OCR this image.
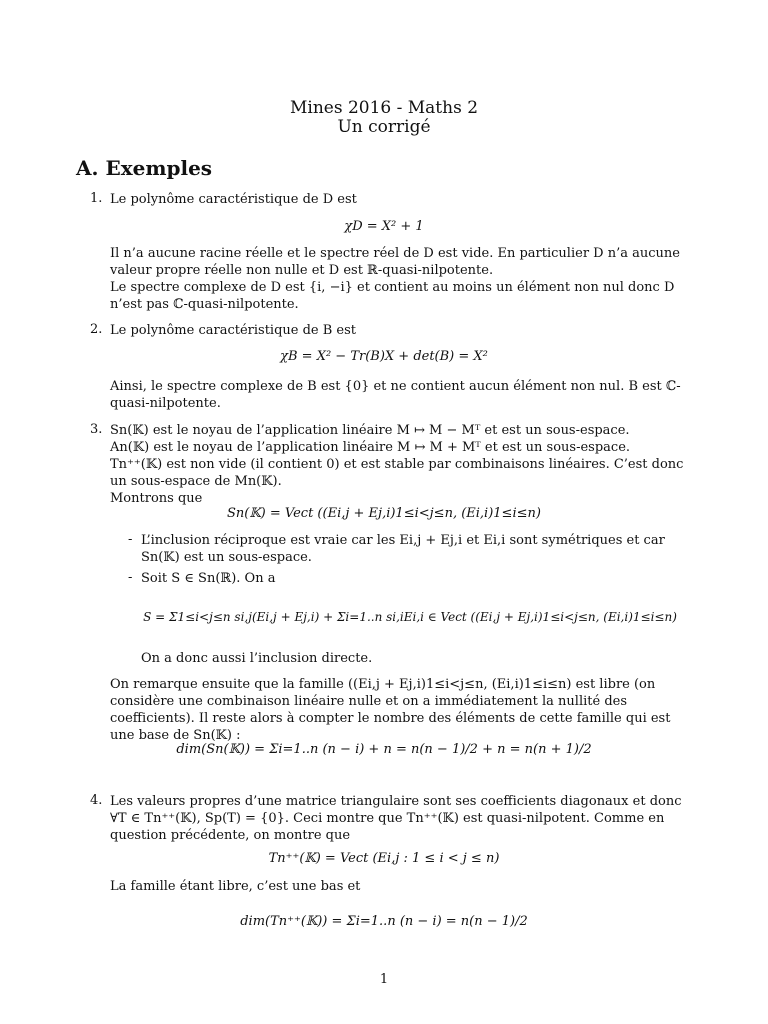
Mines 2016 - Maths 2
Un corrigé
A. Exemples
1. Le polynôme caractéristique de D est
χD = X² + 1
Il n’a aucune racine réelle et le spectre réel de D est vide. En particulier D n’a aucune valeur propre réelle non nulle et D est ℝ-quasi-nilpotente.
Le spectre complexe de D est {i, −i} et contient au moins un élément non nul donc D n’est pas ℂ-quasi-nilpotente.
2. Le polynôme caractéristique de B est
χB = X² − Tr(B)X + det(B) = X²
Ainsi, le spectre complexe de B est {0} et ne contient aucun élément non nul. B est ℂ-quasi-nilpotente.
3. Sn(𝕂) est le noyau de l’application linéaire M ↦ M − Mᵀ et est un sous-espace.
An(𝕂) est le noyau de l’application linéaire M ↦ M + Mᵀ et est un sous-espace.
Tn⁺⁺(𝕂) est non vide (il contient 0) et est stable par combinaisons linéaires. C’est donc un sous-espace de Mn(𝕂).
Montrons que
Sn(𝕂) = Vect ((Ei,j + Ej,i)1≤i<j≤n, (Ei,i)1≤i≤n)
- L’inclusion réciproque est vraie car les Ei,j + Ej,i et Ei,i sont symétriques et car Sn(𝕂) est un sous-espace.
- Soit S ∈ Sn(ℝ). On a
S = Σ1≤i<j≤n si,j(Ei,j + Ej,i) + Σi=1..n si,iEi,i ∈ Vect ((Ei,j + Ej,i)1≤i<j≤n, (Ei,i)1≤i≤n)
On a donc aussi l’inclusion directe.
On remarque ensuite que la famille ((Ei,j + Ej,i)1≤i<j≤n, (Ei,i)1≤i≤n) est libre (on considère une combinaison linéaire nulle et on a immédiatement la nullité des coefficients). Il reste alors à compter le nombre des éléments de cette famille qui est une base de Sn(𝕂) :
dim(Sn(𝕂)) = Σi=1..n (n − i) + n = n(n − 1)/2 + n = n(n + 1)/2
4. Les valeurs propres d’une matrice triangulaire sont ses coefficients diagonaux et donc ∀T ∈ Tn⁺⁺(𝕂), Sp(T) = {0}. Ceci montre que Tn⁺⁺(𝕂) est quasi-nilpotent. Comme en question précédente, on montre que
Tn⁺⁺(𝕂) = Vect (Ei,j : 1 ≤ i < j ≤ n)
La famille étant libre, c’est une bas et
dim(Tn⁺⁺(𝕂)) = Σi=1..n (n − i) = n(n − 1)/2
1
